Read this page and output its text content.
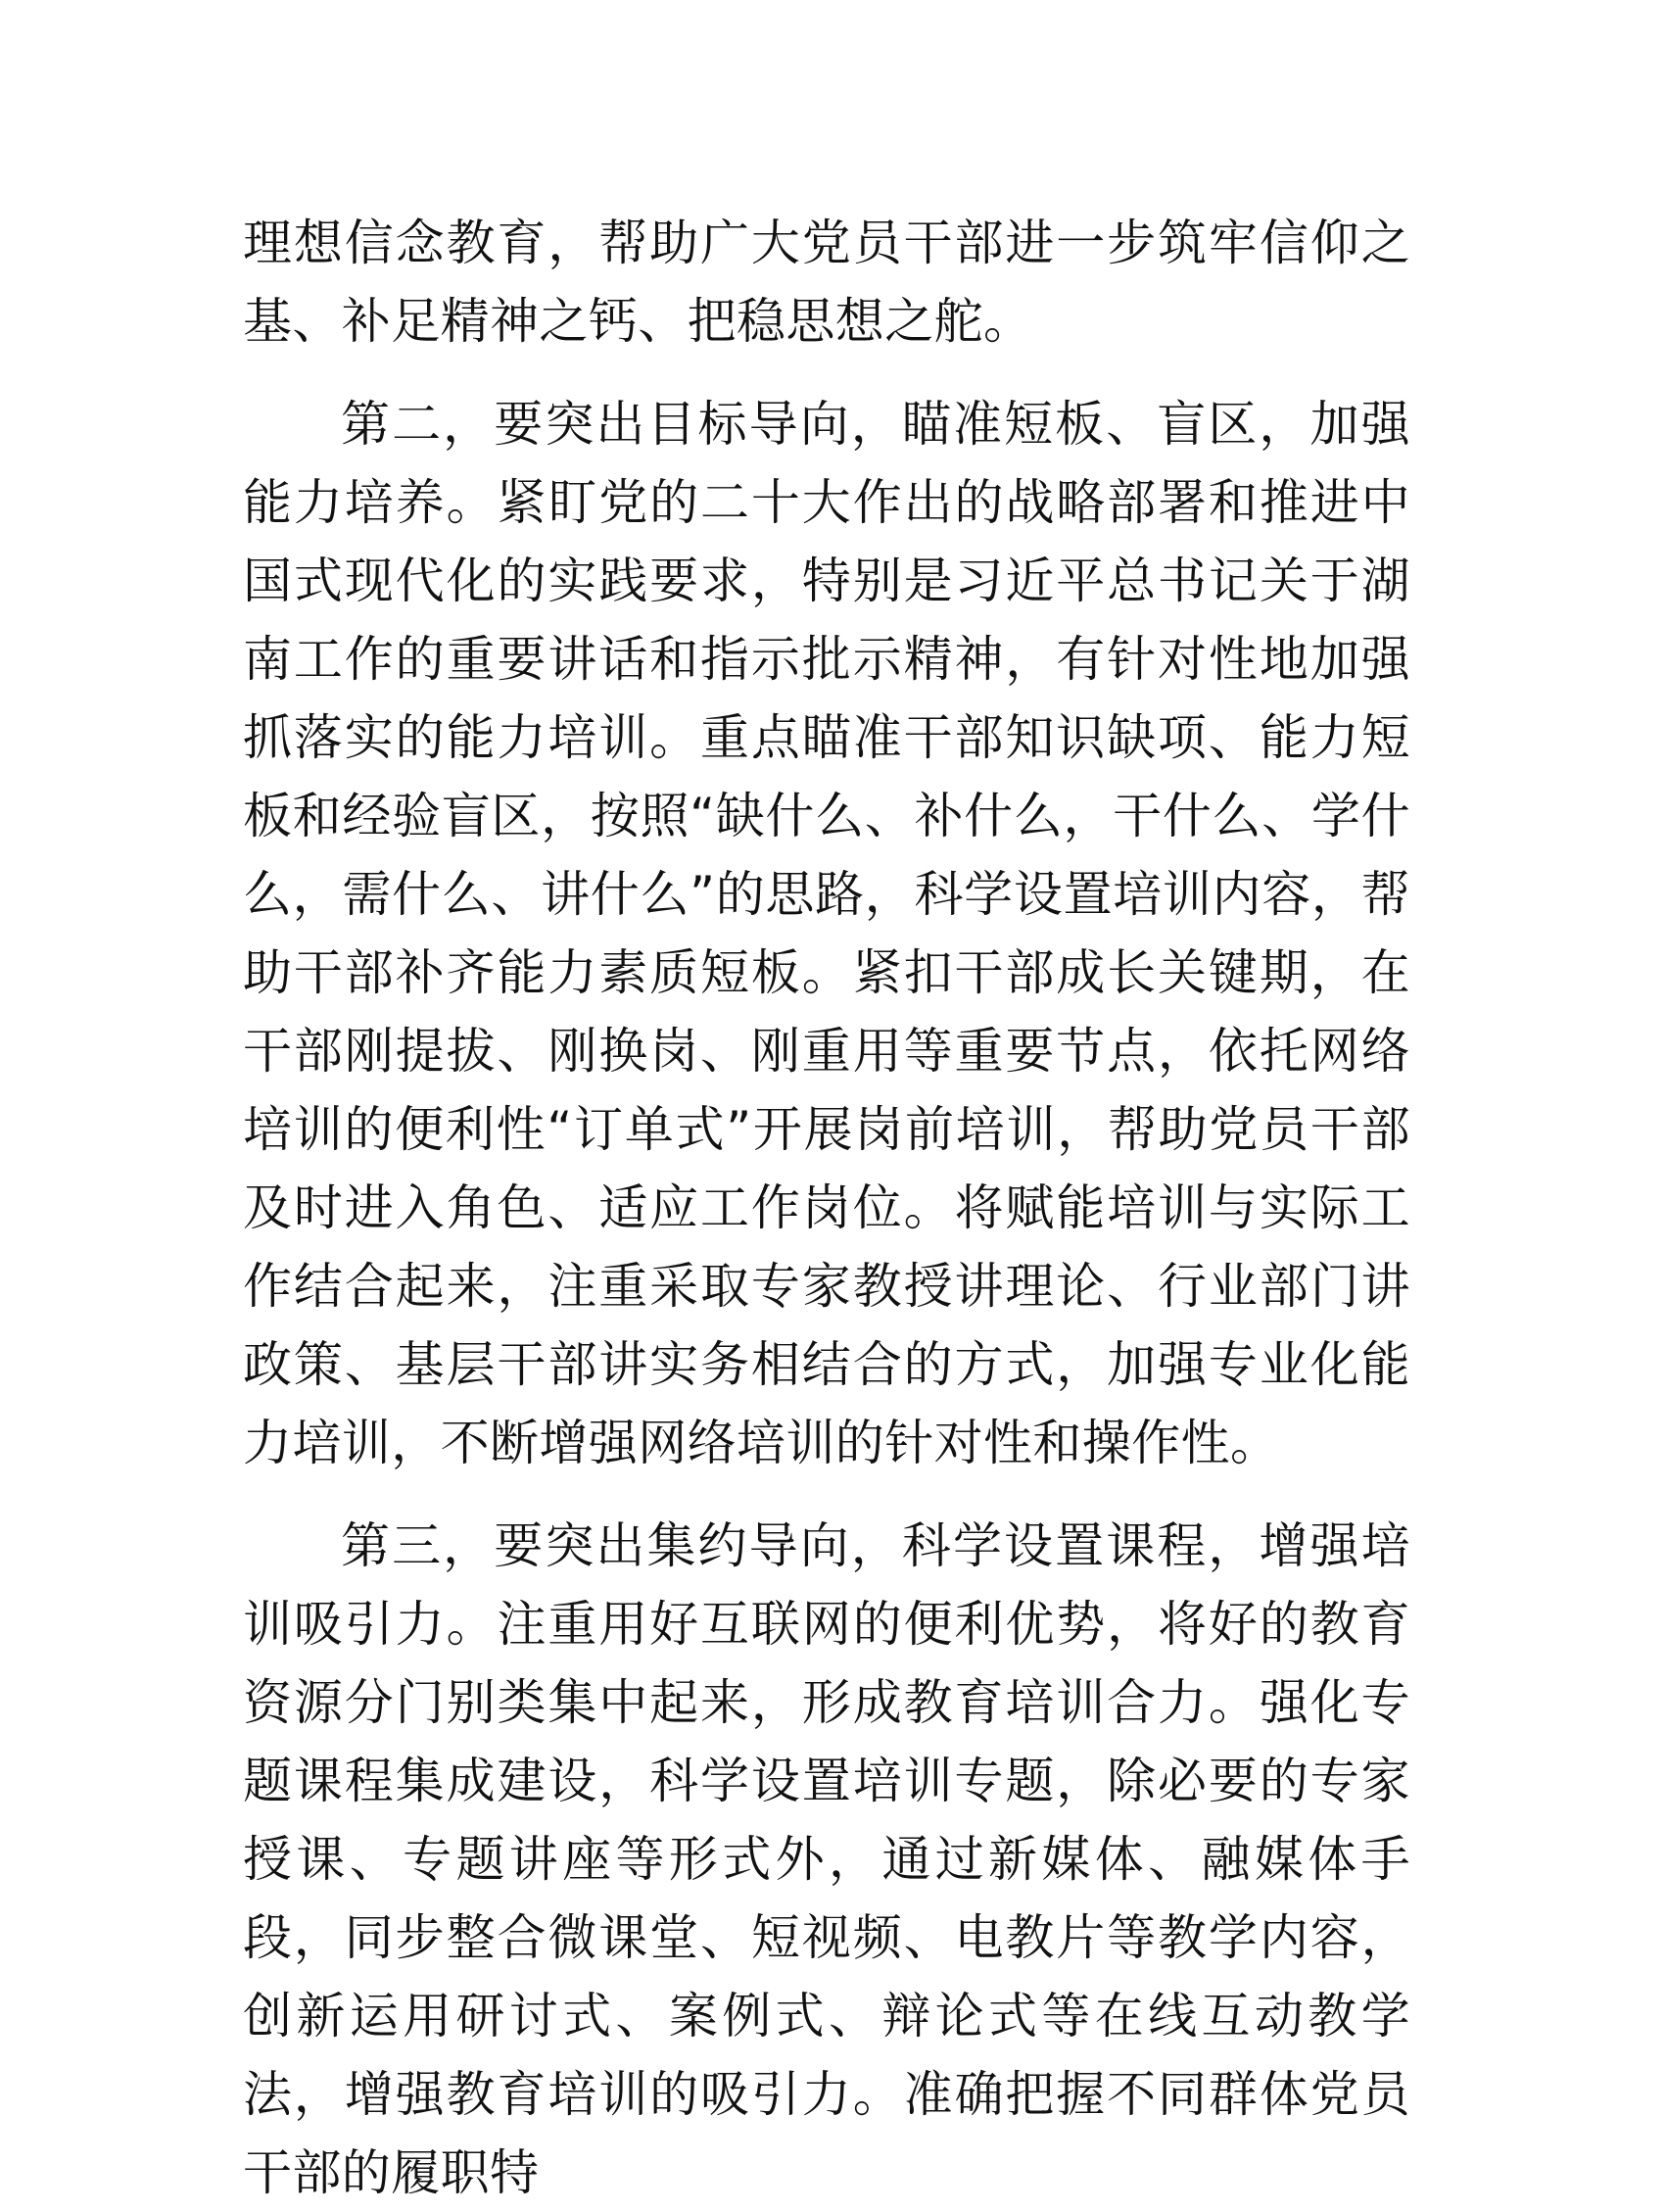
理想信念教育，帮助广大党员干部进一步筑牢信仰之基、补足精神之钙、把稳思想之舵。

第二，要突出目标导向，瞄准短板、盲区，加强能力培养。紧盯党的二十大作出的战略部署和推进中国式现代化的实践要求，特别是习近平总书记关于湖南工作的重要讲话和指示批示精神，有针对性地加强抓落实的能力培训。重点瞄准干部知识缺项、能力短板和经验盲区，按照“缺什么、补什么，干什么、学什么，需什么、讲什么”的思路，科学设置培训内容，帮助干部补齐能力素质短板。紧扣干部成长关键期，在干部刚提拔、刚换岗、刚重用等重要节点，依托网络培训的便利性“订单式”开展岗前培训，帮助党员干部及时进入角色、适应工作岗位。将赋能培训与实际工作结合起来，注重采取专家教授讲理论、行业部门讲政策、基层干部讲实务相结合的方式，加强专业化能力培训，不断增强网络培训的针对性和操作性。

第三，要突出集约导向，科学设置课程，增强培训吸引力。注重用好互联网的便利优势，将好的教育资源分门别类集中起来，形成教育培训合力。强化专题课程集成建设，科学设置培训专题，除必要的专家授课、专题讲座等形式外，通过新媒体、融媒体手段，同步整合微课堂、短视频、电教片等教学内容，创新运用研讨式、案例式、辩论式等在线互动教学法，增强教育培训的吸引力。准确把握不同群体党员干部的履职特
